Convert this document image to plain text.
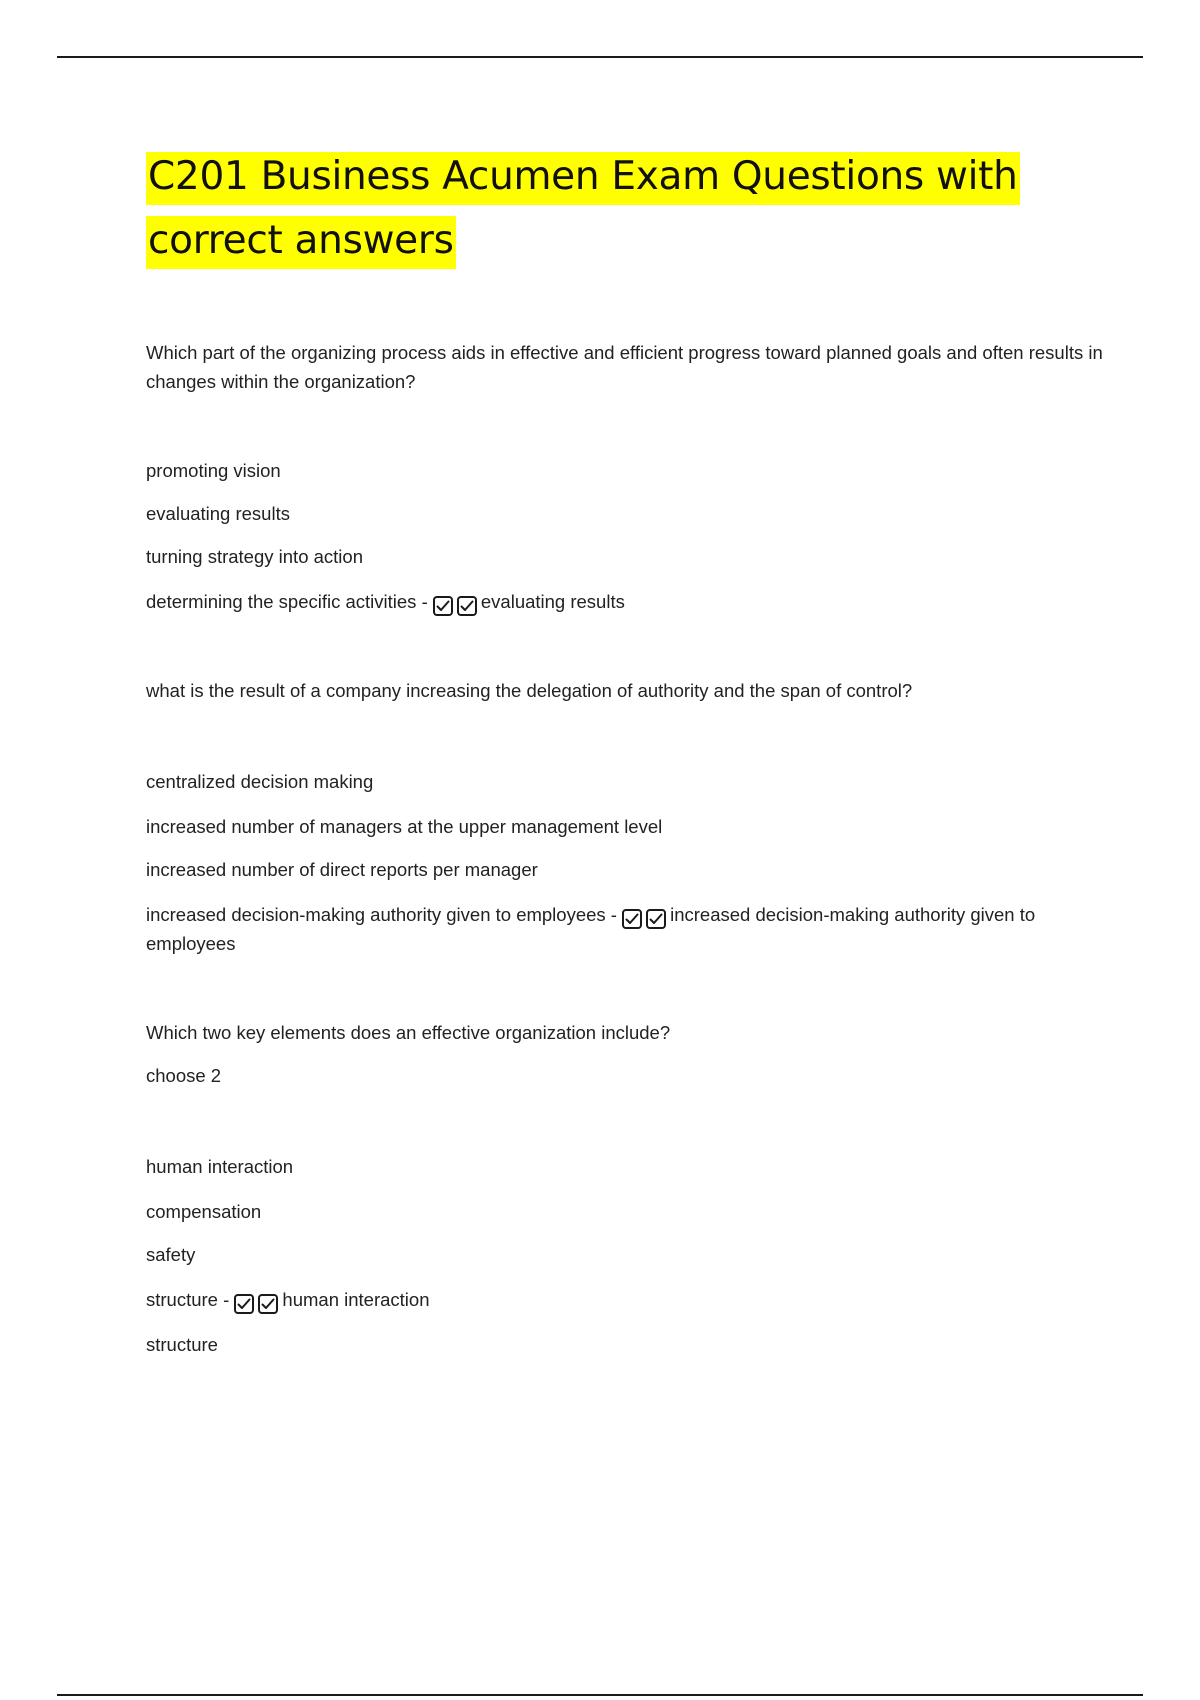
C201 Business Acumen Exam Questions with correct answers

Which part of the organizing process aids in effective and efficient progress toward planned goals and often results in changes within the organization?

promoting vision
evaluating results
turning strategy into action
determining the specific activities -	evaluating results

what is the result of a company increasing the delegation of authority and the span of control?

centralized decision making
increased number of managers at the upper management level
increased number of direct reports per manager
increased decision-making authority given to employees -	increased decision-making authority given to employees

Which two key elements does an effective organization include?

choose 2

human interaction
compensation
safety
structure -	human interaction
structure
